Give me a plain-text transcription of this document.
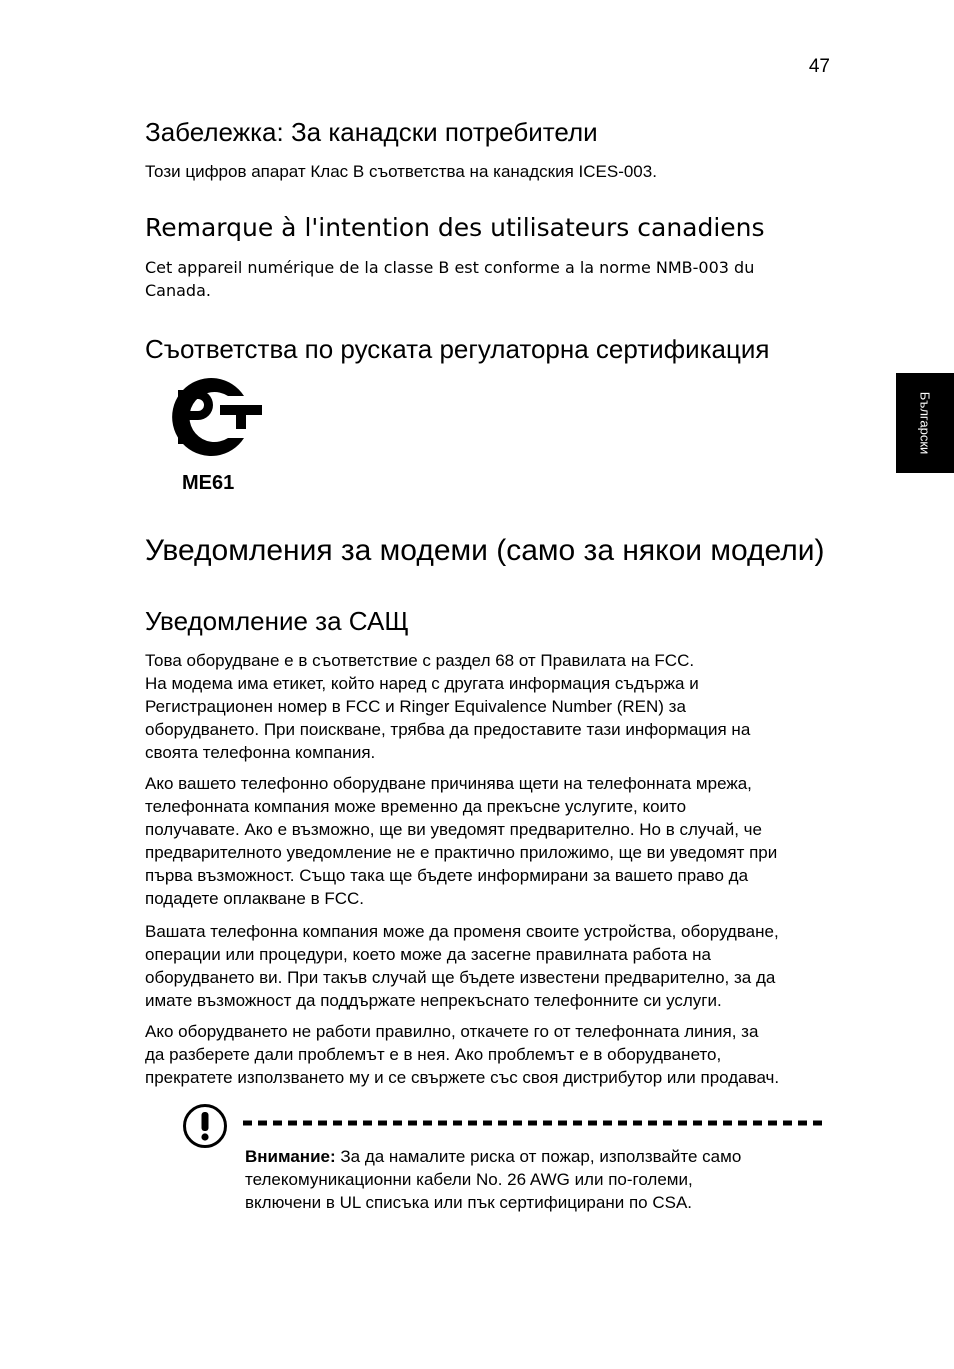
47
Български
Забележка: За канадски потребители

Този цифров апарат Клас В съответства на канадския ICES-003.

Remarque à l'intention des utilisateurs canadiens

Cet appareil numérique de la classe B est conforme a la norme NMB-003 du
Canada.

Съответства по руската регулаторна сертификация
Уведомления за модеми (само за някои модели)
Уведомление за САЩ

Това оборудване е в съответствие с раздел 68 от Правилата на FCC.
На модема има етикет, който наред с другата информация съдържа и
Регистрационен номер в FCC и Ringer Equivalence Number (REN) за
оборудването. При поискване, трябва да предоставите тази информация на
своята телефонна компания.

Ако вашето телефонно оборудване причинява щети на телефонната мрежа,
телефонната компания може временно да прекъсне услугите, които
получавате. Ако е възможно, ще ви уведомят предварително. Но в случай, че
предварителното уведомление не е практично приложимо, ще ви уведомят при
първа възможност. Също така ще бъдете информирани за вашето право да
подадете оплакване в FCC.

Вашата телефонна компания може да променя своите устройства, оборудване,
операции или процедури, което може да засегне правилната работа на
оборудването ви. При такъв случай ще бъдете известени предварително, за да
имате възможност да поддържате непрекъснато телефонните си услуги.

Ако оборудването не работи правилно, откачете го от телефонната линия, за
да разберете дали проблемът е в нея. Ако проблемът е в оборудването,
прекратете използването му и се свържете със своя дистрибутор или продавач.

ME61

Внимание: За да намалите риска от пожар, използвайте само
телекомуникационни кабели No. 26 AWG или по-големи,
включени в UL списъка или пък сертифицирани по CSA.
